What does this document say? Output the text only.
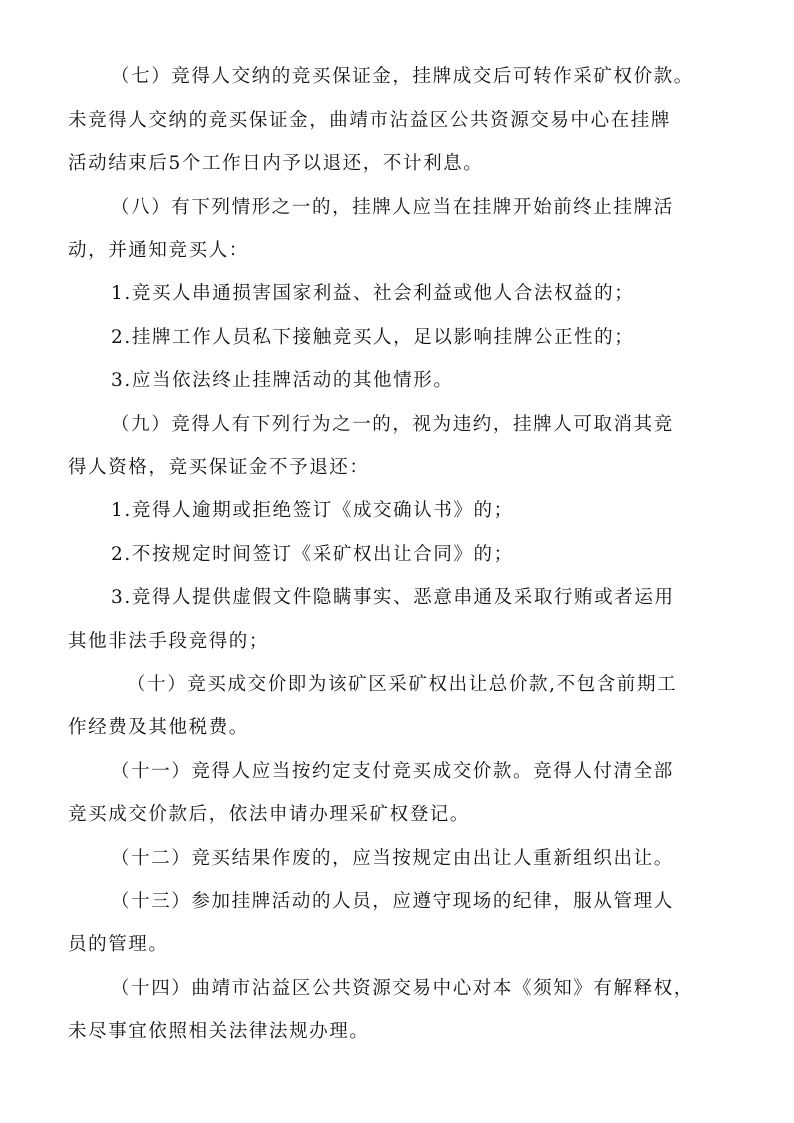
（七）竞得人交纳的竞买保证金，挂牌成交后可转作采矿权价款。
未竞得人交纳的竞买保证金，曲靖市沾益区公共资源交易中心在挂牌
活动结束后5个工作日内予以退还，不计利息。
（八）有下列情形之一的，挂牌人应当在挂牌开始前终止挂牌活
动，并通知竞买人：
1.竞买人串通损害国家利益、社会利益或他人合法权益的；
2.挂牌工作人员私下接触竞买人，足以影响挂牌公正性的；
3.应当依法终止挂牌活动的其他情形。
（九）竞得人有下列行为之一的，视为违约，挂牌人可取消其竞
得人资格，竞买保证金不予退还：
1.竞得人逾期或拒绝签订《成交确认书》的；
2.不按规定时间签订《采矿权出让合同》的；
3.竞得人提供虚假文件隐瞒事实、恶意串通及采取行贿或者运用
其他非法手段竞得的；
（十）竞买成交价即为该矿区采矿权出让总价款,不包含前期工
作经费及其他税费。
（十一）竞得人应当按约定支付竞买成交价款。竞得人付清全部
竞买成交价款后，依法申请办理采矿权登记。
（十二）竞买结果作废的，应当按规定由出让人重新组织出让。
（十三）参加挂牌活动的人员，应遵守现场的纪律，服从管理人
员的管理。
（十四）曲靖市沾益区公共资源交易中心对本《须知》有解释权，
未尽事宜依照相关法律法规办理。
